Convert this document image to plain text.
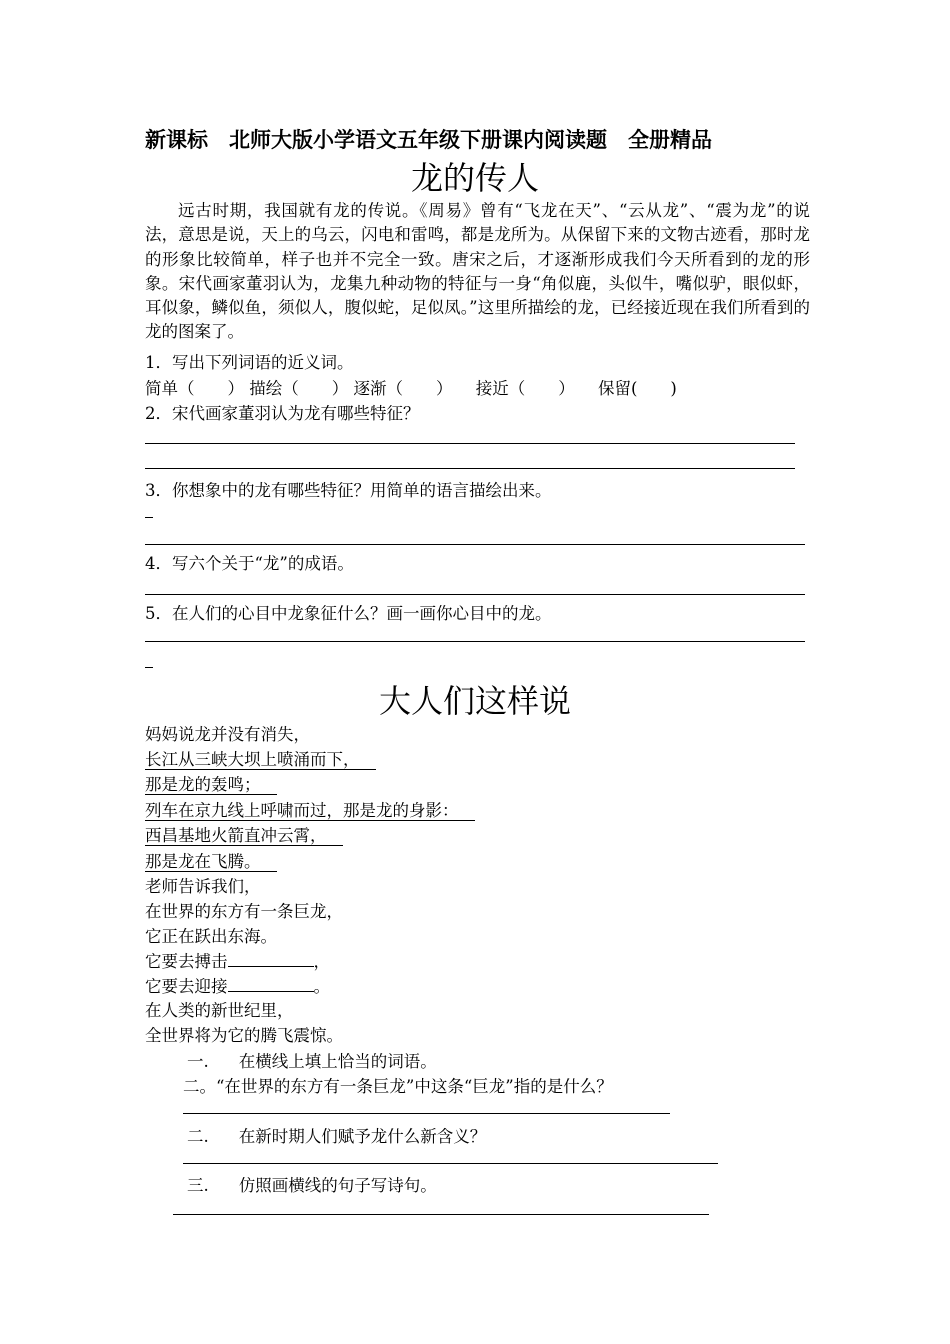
新课标　北师大版小学语文五年级下册课内阅读题　全册精品
龙的传人

远古时期，我国就有龙的传说。《周易》曾有“飞龙在天”、“云从龙”、“震为龙”的说法，意思是说，天上的乌云，闪电和雷鸣，都是龙所为。从保留下来的文物古迹看，那时龙的形象比较简单，样子也并不完全一致。唐宋之后，才逐渐形成我们今天所看到的龙的形象。宋代画家董羽认为，龙集九种动物的特征与一身“角似鹿，头似牛，嘴似驴，眼似虾，耳似象，鳞似鱼，须似人，腹似蛇，足似凤。”这里所描绘的龙，已经接近现在我们所看到的龙的图案了。

1．写出下列词语的近义词。
简单（　　） 描绘（　　） 逐渐（　　） 接近（　　） 保留(　　)
2．宋代画家董羽认为龙有哪些特征？
3．你想象中的龙有哪些特征？用简单的语言描绘出来。
4．写六个关于“龙”的成语。
5．在人们的心目中龙象征什么？画一画你心目中的龙。
大人们这样说
妈妈说龙并没有消失，
长江从三峡大坝上喷涌而下，
那是龙的轰鸣；
列车在京九线上呼啸而过，那是龙的身影：
西昌基地火箭直冲云霄，
那是龙在飞腾。
老师告诉我们，
在世界的东方有一条巨龙，
它正在跃出东海。
它要去搏击	，
它要去迎接	。
在人类的新世纪里，
全世界将为它的腾飞震惊。
一. 在横线上填上恰当的词语。
二。“在世界的东方有一条巨龙”中这条“巨龙”指的是什么？
二. 在新时期人们赋予龙什么新含义？
三. 仿照画横线的句子写诗句。
